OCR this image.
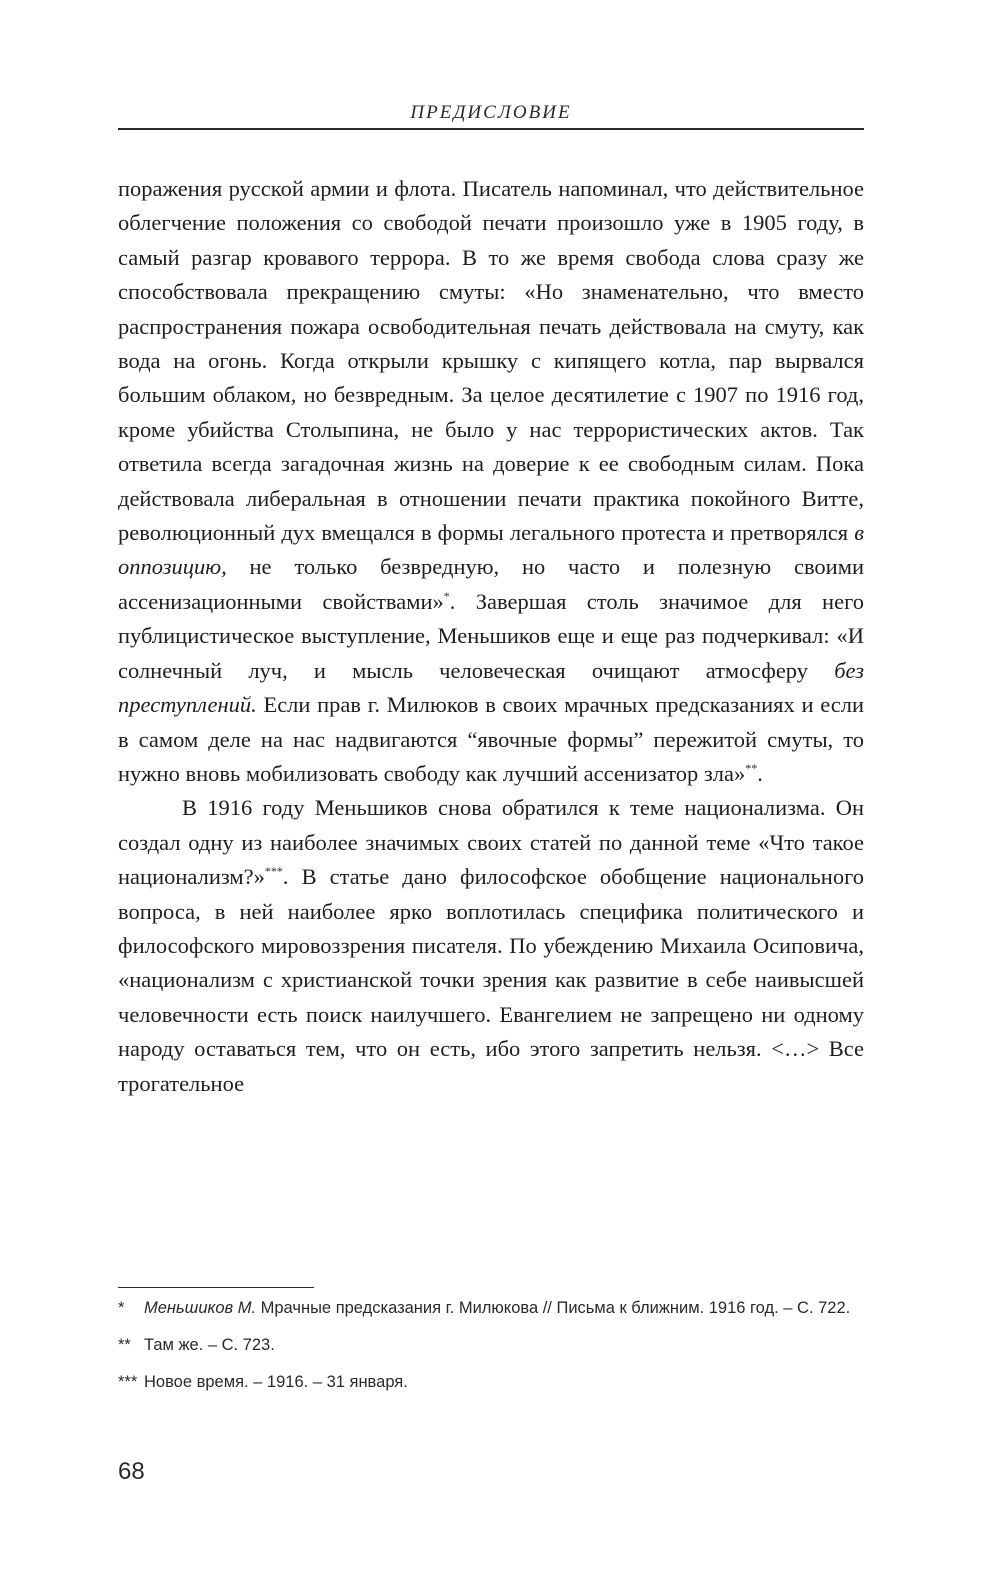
ПРЕДИСЛОВИЕ

поражения русской армии и флота. Писатель напоминал, что действительное облегчение положения со свободой печати произошло уже в 1905 году, в самый разгар кровавого террора. В то же время свобода слова сразу же способствовала прекращению смуты: «Но знаменательно, что вместо распространения пожара освободительная печать действовала на смуту, как вода на огонь. Когда открыли крышку с кипящего котла, пар вырвался большим облаком, но безвредным. За целое десятилетие с 1907 по 1916 год, кроме убийства Столыпина, не было у нас террористических актов. Так ответила всегда загадочная жизнь на доверие к ее свободным силам. Пока действовала либеральная в отношении печати практика покойного Витте, революционный дух вмещался в формы легального протеста и претворялся в оппозицию, не только безвредную, но часто и полезную своими ассенизационными свойствами»*. Завершая столь значимое для него публицистическое выступление, Меньшиков еще и еще раз подчеркивал: «И солнечный луч, и мысль человеческая очищают атмосферу без преступлений. Если прав г. Милюков в своих мрачных предсказаниях и если в самом деле на нас надвигаются “явочные формы” пережитой смуты, то нужно вновь мобилизовать свободу как лучший ассенизатор зла»**.

В 1916 году Меньшиков снова обратился к теме национализма. Он создал одну из наиболее значимых своих статей по данной теме «Что такое национализм?»***. В статье дано философское обобщение национального вопроса, в ней наиболее ярко воплотилась специфика политического и философского мировоззрения писателя. По убеждению Михаила Осиповича, «национализм с христианской точки зрения как развитие в себе наивысшей человечности есть поиск наилучшего. Евангелием не запрещено ни одному народу оставаться тем, что он есть, ибо этого запретить нельзя. <…> Все трогательное

* Меньшиков М. Мрачные предсказания г. Милюкова // Письма к ближним. 1916 год. – С. 722.

** Там же. – С. 723.

*** Новое время. – 1916. – 31 января.

68
